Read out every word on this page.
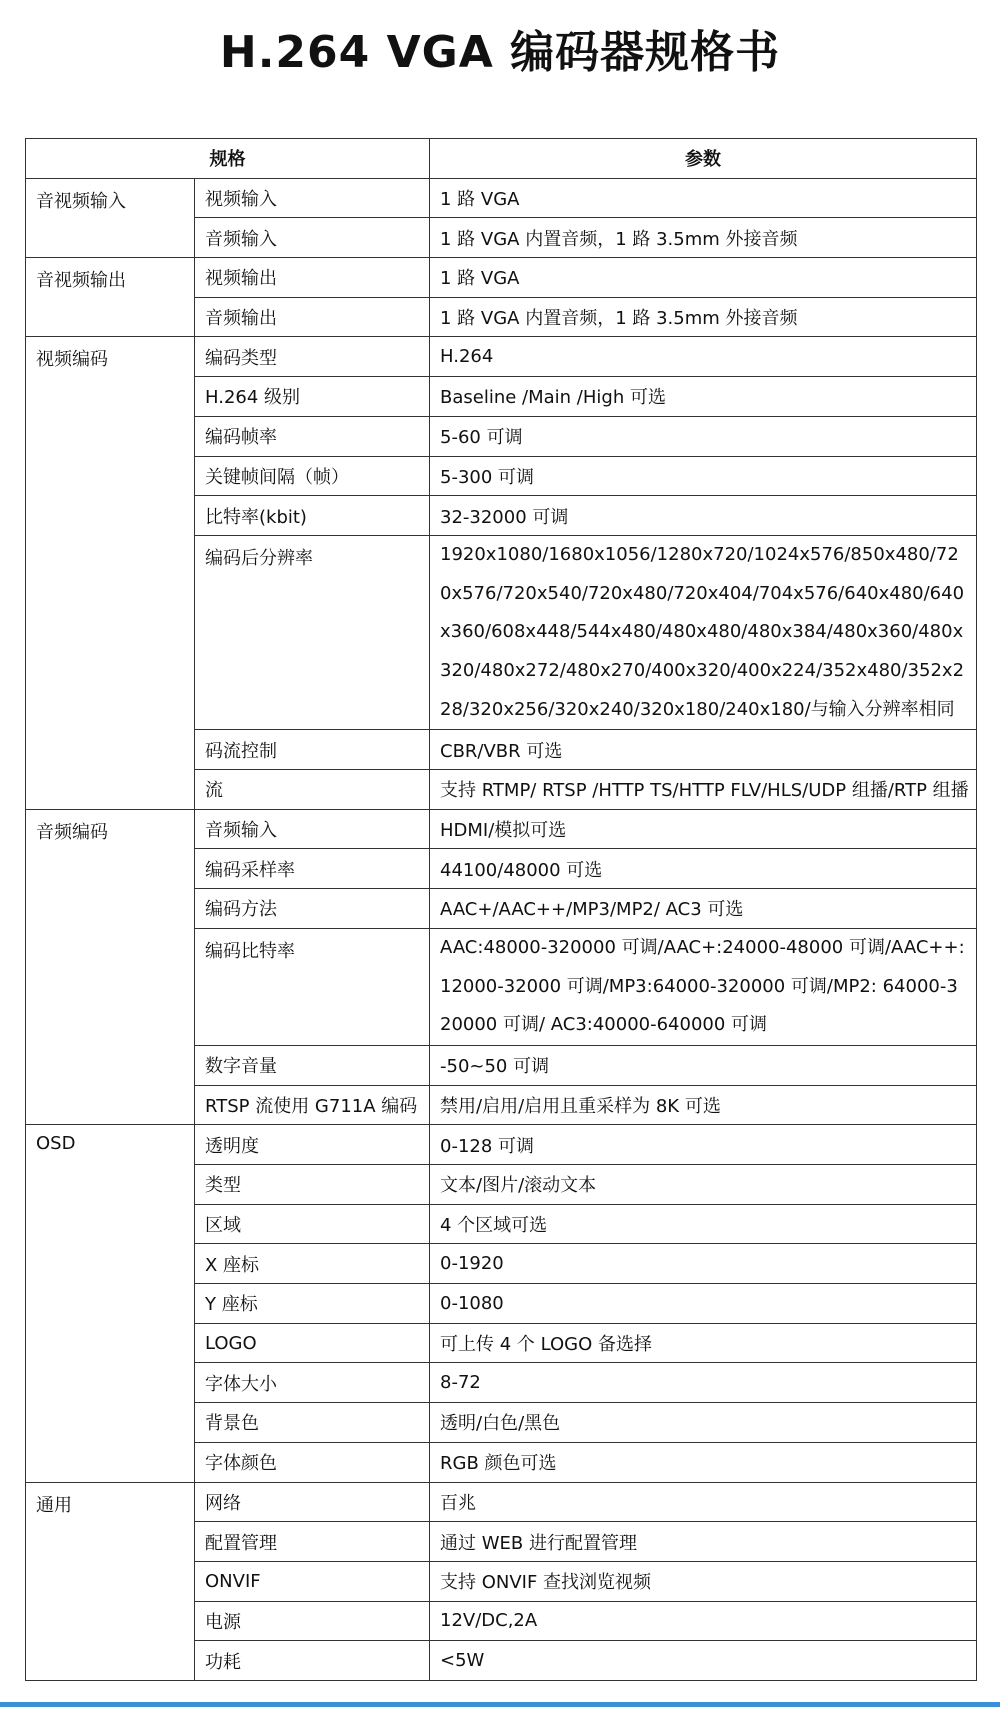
H.264 VGA 编码器规格书
规格		参数
音视频输入	视频输入	1 路 VGA
	音频输入	1 路 VGA 内置音频，1 路 3.5mm 外接音频
音视频输出	视频输出	1 路 VGA
	音频输出	1 路 VGA 内置音频，1 路 3.5mm 外接音频
视频编码	编码类型	H.264
	H.264 级别	Baseline /Main /High 可选
	编码帧率	5-60 可调
	关键帧间隔（帧）	5-300 可调
	比特率(kbit)	32-32000 可调
	编码后分辨率	1920x1080/1680x1056/1280x720/1024x576/850x480/720x576/720x540/720x480/720x404/704x576/640x480/640x360/608x448/544x480/480x480/480x384/480x360/480x320/480x272/480x270/400x320/400x224/352x480/352x228/320x256/320x240/320x180/240x180/与输入分辨率相同
	码流控制	CBR/VBR 可选
	流	支持 RTMP/ RTSP /HTTP TS/HTTP FLV/HLS/UDP 组播/RTP 组播
音频编码	音频输入	HDMI/模拟可选
	编码采样率	44100/48000 可选
	编码方法	AAC+/AAC++/MP3/MP2/ AC3 可选
	编码比特率	AAC:48000-320000 可调/AAC+:24000-48000 可调/AAC++:12000-32000 可调/MP3:64000-320000 可调/MP2: 64000-320000 可调/ AC3:40000-640000 可调
	数字音量	-50~50 可调
	RTSP 流使用 G711A 编码	禁用/启用/启用且重采样为 8K 可选
OSD	透明度	0-128 可调
	类型	文本/图片/滚动文本
	区域	4 个区域可选
	X 座标	0-1920
	Y 座标	0-1080
	LOGO	可上传 4 个 LOGO 备选择
	字体大小	8-72
	背景色	透明/白色/黑色
	字体颜色	RGB 颜色可选
通用	网络	百兆
	配置管理	通过 WEB 进行配置管理
	ONVIF	支持 ONVIF 查找浏览视频
	电源	12V/DC,2A
	功耗	<5W
